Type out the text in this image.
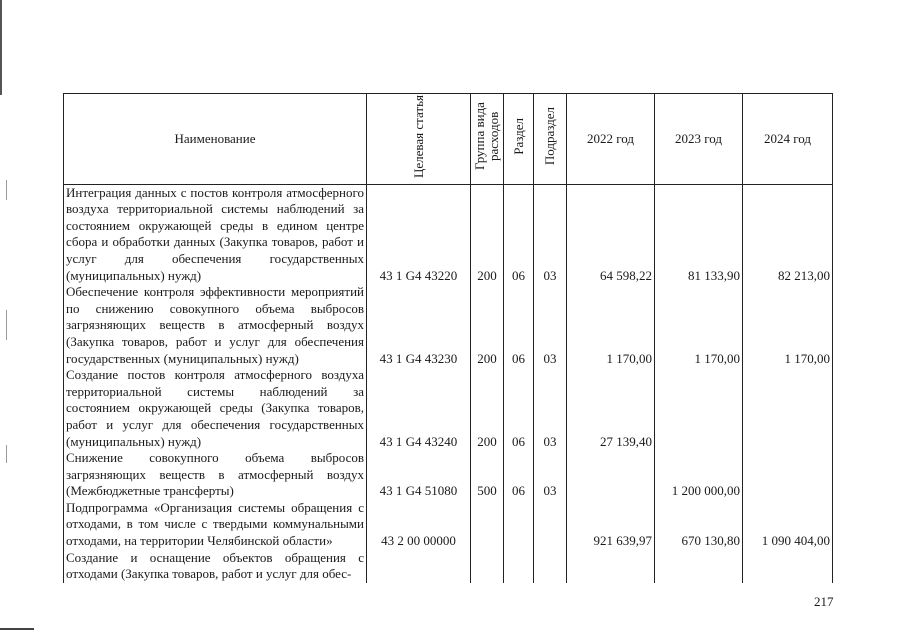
Наименование	Целевая статья	Группа вида расходов	Раздел	Подраздел	2022 год	2023 год	2024 год
Интеграция данных с постов контроля атмосферного воздуха территориальной системы наблюдений за состоянием окружающей среды в едином центре сбора и обработки данных (Закупка товаров, работ и услуг для обеспечения государственных (муниципальных) нужд)	43 1 G4 43220	200	06	03	64 598,22	81 133,90	82 213,00
Обеспечение контроля эффективности мероприятий по снижению совокупного объема выбросов загрязняющих веществ в атмосферный воздух (Закупка товаров, работ и услуг для обеспечения государственных (муниципальных) нужд)	43 1 G4 43230	200	06	03	1 170,00	1 170,00	1 170,00
Создание постов контроля атмосферного воздуха территориальной системы наблюдений за состоянием окружающей среды (Закупка товаров, работ и услуг для обеспечения государственных (муниципальных) нужд)	43 1 G4 43240	200	06	03	27 139,40		
Снижение совокупного объема выбросов загрязняющих веществ в атмосферный воздух (Межбюджетные трансферты)	43 1 G4 51080	500	06	03		1 200 000,00	
Подпрограмма «Организация системы обращения с отходами, в том числе с твердыми коммунальными отходами, на территории Челябинской области»	43 2 00 00000				921 639,97	670 130,80	1 090 404,00
Создание и оснащение объектов обращения с отходами (Закупка товаров, работ и услуг для обес-							
217
